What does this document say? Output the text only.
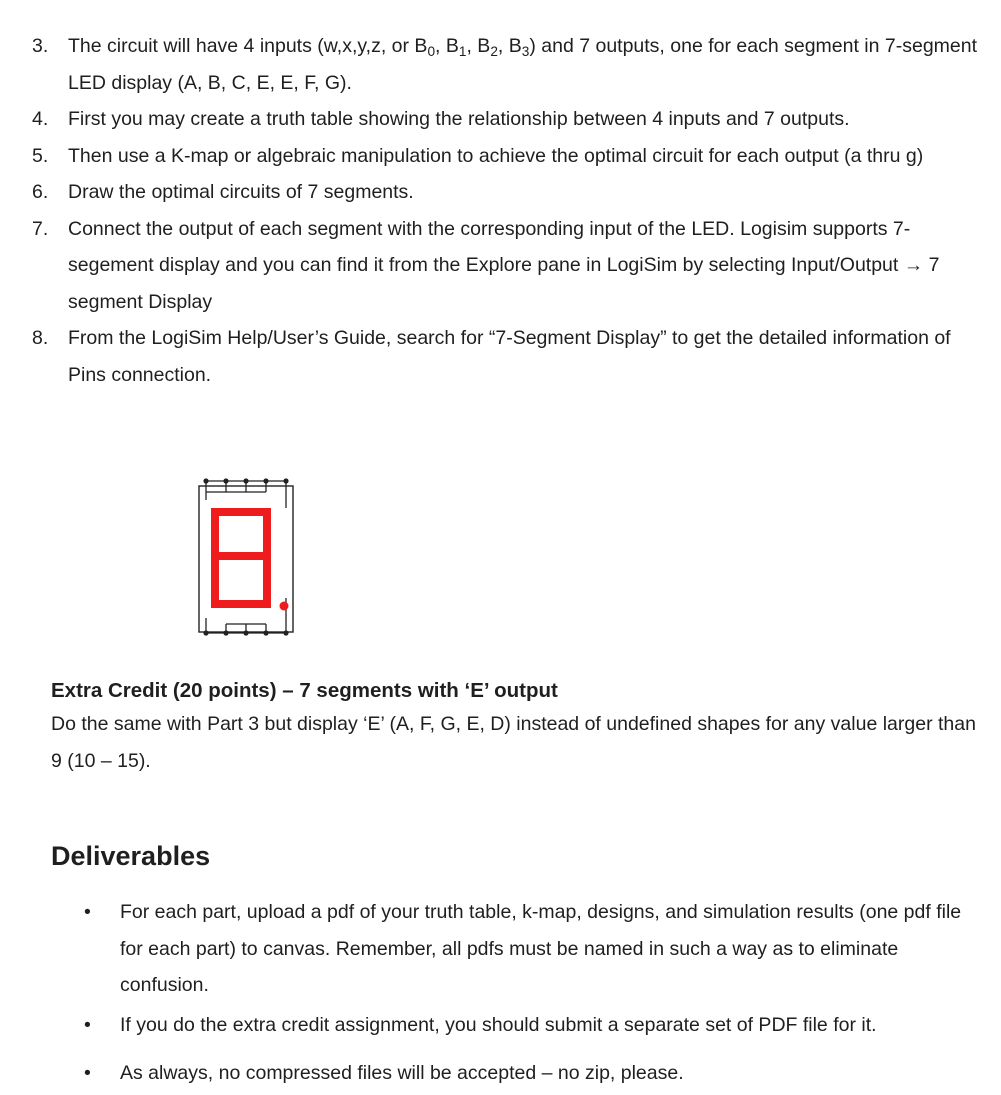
3. The circuit will have 4 inputs (w,x,y,z, or $B_0$, $B_1$, $B_2$, $B_3$) and 7 outputs, one for each segment in 7-segment LED display (A, B, C, E, E, F, G).
4. First you may create a truth table showing the relationship between 4 inputs and 7 outputs.
5. Then use a K-map or algebraic manipulation to achieve the optimal circuit for each output (a thru g)
6. Draw the optimal circuits of 7 segments.
7. Connect the output of each segment with the corresponding input of the LED. Logisim supports 7-segement display and you can find it from the Explore pane in LogiSim by selecting Input/Output → 7 segment Display
8. From the LogiSim Help/User’s Guide, search for “7-Segment Display” to get the detailed information of Pins connection.

Extra Credit (20 points) – 7 segments with ‘E’ output

Do the same with Part 3 but display ‘E’ (A, F, G, E, D) instead of undefined shapes for any value larger than 9 (10 – 15).

Deliverables
• For each part, upload a pdf of your truth table, k-map, designs, and simulation results (one pdf file for each part) to canvas. Remember, all pdfs must be named in such a way as to eliminate confusion.
• If you do the extra credit assignment, you should submit a separate set of PDF file for it.
• As always, no compressed files will be accepted – no zip, please.
